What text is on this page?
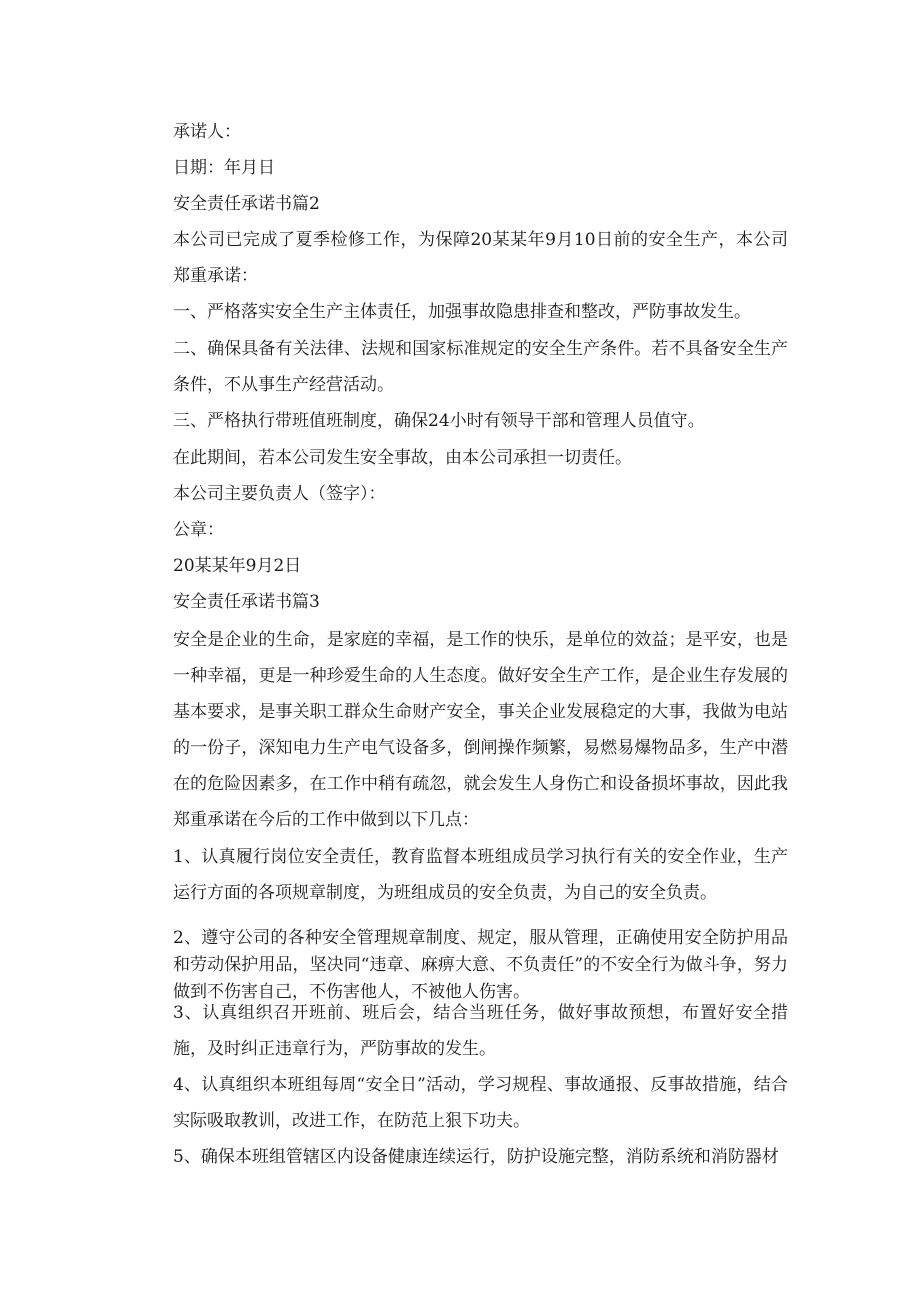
承诺人：

日期：年月日

安全责任承诺书篇2

本公司已完成了夏季检修工作，为保障20某某年9月10日前的安全生产，本公司郑重承诺：

一、严格落实安全生产主体责任，加强事故隐患排查和整改，严防事故发生。

二、确保具备有关法律、法规和国家标准规定的安全生产条件。若不具备安全生产条件，不从事生产经营活动。

三、严格执行带班值班制度，确保24小时有领导干部和管理人员值守。

在此期间，若本公司发生安全事故，由本公司承担一切责任。

本公司主要负责人（签字）：

公章：

20某某年9月2日

安全责任承诺书篇3

安全是企业的生命，是家庭的幸福，是工作的快乐，是单位的效益；是平安，也是一种幸福，更是一种珍爱生命的人生态度。做好安全生产工作，是企业生存发展的基本要求，是事关职工群众生命财产安全，事关企业发展稳定的大事，我做为电站的一份子，深知电力生产电气设备多，倒闸操作频繁，易燃易爆物品多，生产中潜在的危险因素多，在工作中稍有疏忽，就会发生人身伤亡和设备损坏事故，因此我郑重承诺在今后的工作中做到以下几点：

1、认真履行岗位安全责任，教育监督本班组成员学习执行有关的安全作业，生产运行方面的各项规章制度，为班组成员的安全负责，为自己的安全负责。

2、遵守公司的各种安全管理规章制度、规定，服从管理，正确使用安全防护用品和劳动保护用品，坚决同“违章、麻痹大意、不负责任”的不安全行为做斗争，努力做到不伤害自己，不伤害他人，不被他人伤害。

3、认真组织召开班前、班后会，结合当班任务，做好事故预想，布置好安全措施，及时纠正违章行为，严防事故的发生。

4、认真组织本班组每周“安全日”活动，学习规程、事故通报、反事故措施，结合实际吸取教训，改进工作，在防范上狠下功夫。

5、确保本班组管辖区内设备健康连续运行，防护设施完整，消防系统和消防器材
